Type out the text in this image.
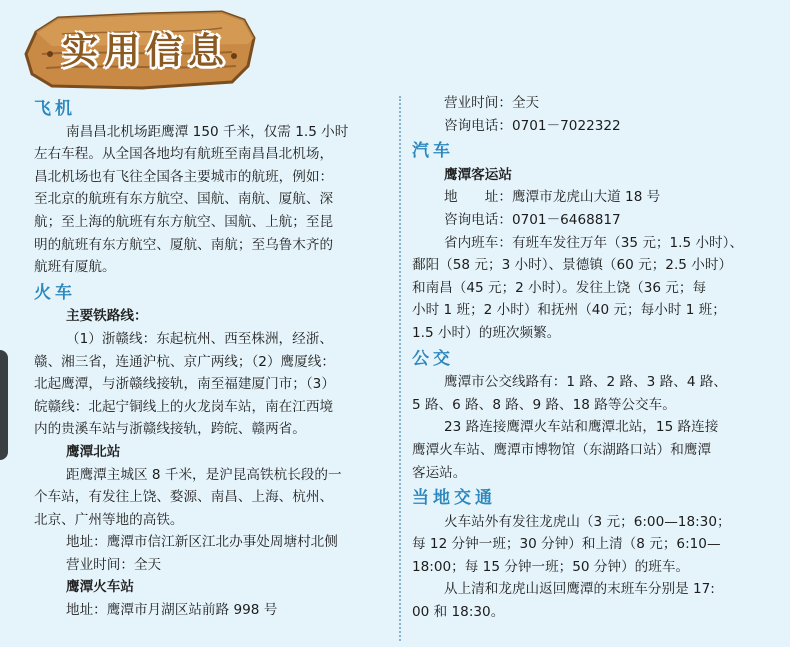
实用信息
飞机
南昌昌北机场距鹰潭 150 千米，仅需 1.5 小时
左右车程。从全国各地均有航班至南昌昌北机场，
昌北机场也有飞往全国各主要城市的航班，例如：
至北京的航班有东方航空、国航、南航、厦航、深
航；至上海的航班有东方航空、国航、上航；至昆
明的航班有东方航空、厦航、南航；至乌鲁木齐的
航班有厦航。
火车
主要铁路线：
（1）浙赣线：东起杭州、西至株洲，经浙、
赣、湘三省，连通沪杭、京广两线；（2）鹰厦线：
北起鹰潭，与浙赣线接轨，南至福建厦门市；（3）
皖赣线：北起宁铜线上的火龙岗车站，南在江西境
内的贵溪车站与浙赣线接轨，跨皖、赣两省。
鹰潭北站
距鹰潭主城区 8 千米，是沪昆高铁杭长段的一
个车站，有发往上饶、婺源、南昌、上海、杭州、
北京、广州等地的高铁。
地址：鹰潭市信江新区江北办事处周塘村北侧
营业时间：全天
鹰潭火车站
地址：鹰潭市月湖区站前路 998 号
营业时间：全天
咨询电话：0701－7022322
汽车
鹰潭客运站
地　　址：鹰潭市龙虎山大道 18 号
咨询电话：0701－6468817
省内班车：有班车发往万年（35 元；1.5 小时）、
鄱阳（58 元；3 小时）、景德镇（60 元；2.5 小时）
和南昌（45 元；2 小时）。发往上饶（36 元；每
小时 1 班；2 小时）和抚州（40 元；每小时 1 班；
1.5 小时）的班次频繁。
公交
鹰潭市公交线路有：1 路、2 路、3 路、4 路、
5 路、6 路、8 路、9 路、18 路等公交车。
23 路连接鹰潭火车站和鹰潭北站，15 路连接
鹰潭火车站、鹰潭市博物馆（东湖路口站）和鹰潭
客运站。
当地交通
火车站外有发往龙虎山（3 元；6:00—18:30；
每 12 分钟一班；30 分钟）和上清（8 元；6:10—
18:00；每 15 分钟一班；50 分钟）的班车。
从上清和龙虎山返回鹰潭的末班车分别是 17:
00 和 18:30。
